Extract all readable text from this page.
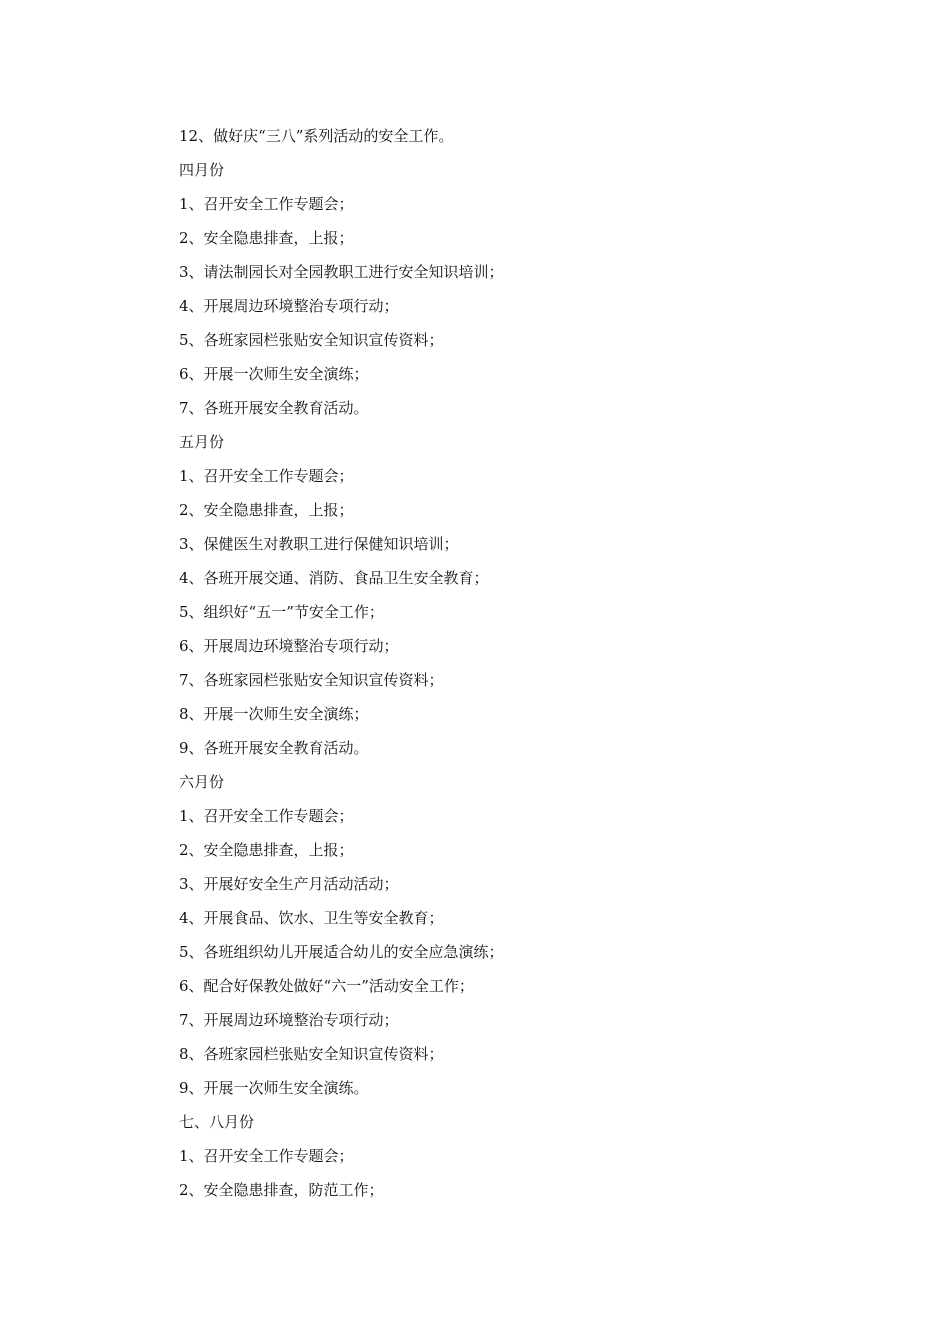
12、做好庆“三八”系列活动的安全工作。
四月份
1、召开安全工作专题会；
2、安全隐患排查，上报；
3、请法制园长对全园教职工进行安全知识培训；
4、开展周边环境整治专项行动；
5、各班家园栏张贴安全知识宣传资料；
6、开展一次师生安全演练；
7、各班开展安全教育活动。
五月份
1、召开安全工作专题会；
2、安全隐患排查，上报；
3、保健医生对教职工进行保健知识培训；
4、各班开展交通、消防、食品卫生安全教育；
5、组织好“五一”节安全工作；
6、开展周边环境整治专项行动；
7、各班家园栏张贴安全知识宣传资料；
8、开展一次师生安全演练；
9、各班开展安全教育活动。
六月份
1、召开安全工作专题会；
2、安全隐患排查，上报；
3、开展好安全生产月活动活动；
4、开展食品、饮水、卫生等安全教育；
5、各班组织幼儿开展适合幼儿的安全应急演练；
6、配合好保教处做好“六一”活动安全工作；
7、开展周边环境整治专项行动；
8、各班家园栏张贴安全知识宣传资料；
9、开展一次师生安全演练。
七、八月份
1、召开安全工作专题会；
2、安全隐患排查，防范工作；
